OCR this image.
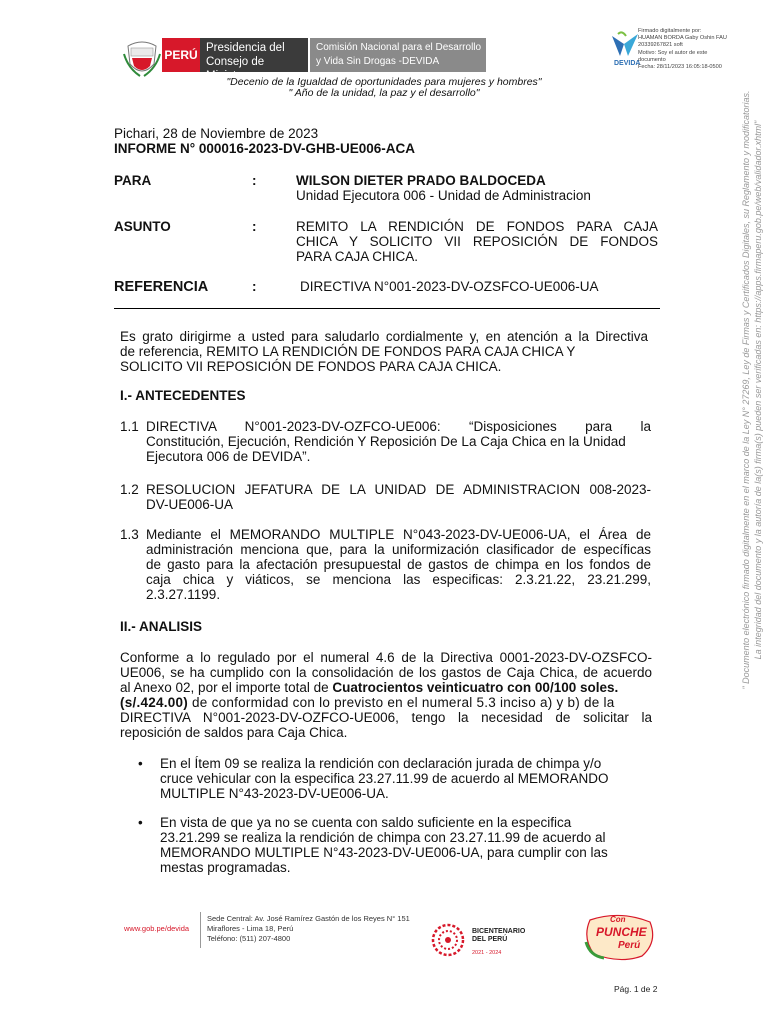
PERÚ Presidencia del
Consejo de Ministros
Comisión Nacional para el Desarrollo
y Vida Sin Drogas -DEVIDA	DEVIDA
Firmado digitalmente por:
HUAMAN BORDA Gaby Oshin FAU
20339267821 soft
Motivo: Soy el autor de este
documento
Fecha: 28/11/2023 16:05:18-0500
"Decenio de la Igualdad de oportunidades para mujeres y hombres"
" Año de la unidad, la paz y el desarrollo"
Pichari, 28 de Noviembre de 2023
INFORME N° 000016-2023-DV-GHB-UE006-ACA
PARA	:	WILSON DIETER PRADO BALDOCEDA
Unidad Ejecutora 006 - Unidad de Administracion
ASUNTO	:	REMITO LA RENDICIÓN DE FONDOS PARA CAJA
CHICA Y SOLICITO VII REPOSICIÓN DE FONDOS
PARA CAJA CHICA.
REFERENCIA	:	DIRECTIVA N°001-2023-DV-OZSFCO-UE006-UA
Es grato dirigirme a usted para saludarlo cordialmente y, en atención a la Directiva
de referencia, REMITO LA RENDICIÓN DE FONDOS PARA CAJA CHICA Y
SOLICITO VII REPOSICIÓN DE FONDOS PARA CAJA CHICA.
I.- ANTECEDENTES
1.1 DIRECTIVA N°001-2023-DV-OZFCO-UE006: “Disposiciones para la
Constitución, Ejecución, Rendición Y Reposición De La Caja Chica en la Unidad
Ejecutora 006 de DEVIDA”.
1.2 RESOLUCION JEFATURA DE LA UNIDAD DE ADMINISTRACION 008-2023-
DV-UE006-UA
1.3 Mediante el MEMORANDO MULTIPLE N°043-2023-DV-UE006-UA, el Área de
administración menciona que, para la uniformización clasificador de específicas
de gasto para la afectación presupuestal de gastos de chimpa en los fondos de
caja chica y viáticos, se menciona las especificas: 2.3.21.22, 23.21.299,
2.3.27.1199.
II.- ANALISIS
Conforme a lo regulado por el numeral 4.6 de la Directiva 0001-2023-DV-OZSFCO-
UE006, se ha cumplido con la consolidación de los gastos de Caja Chica, de acuerdo
al Anexo 02, por el importe total de Cuatrocientos veinticuatro con 00/100 soles.
(s/.424.00) de conformidad con lo previsto en el numeral 5.3 inciso a) y b) de la
DIRECTIVA N°001-2023-DV-OZFCO-UE006, tengo la necesidad de solicitar la
reposición de saldos para Caja Chica.
• En el Ítem 09 se realiza la rendición con declaración jurada de chimpa y/o
cruce vehicular con la especifica 23.27.11.99 de acuerdo al MEMORANDO
MULTIPLE N°43-2023-DV-UE006-UA.
• En vista de que ya no se cuenta con saldo suficiente en la especifica
23.21.299 se realiza la rendición de chimpa con 23.27.11.99 de acuerdo al
MEMORANDO MULTIPLE N°43-2023-DV-UE006-UA, para cumplir con las
mestas programadas.
" Documento electrónico firmado digitalmente en el marco de la Ley N° 27269, Ley de Firmas y Certificados Digitales, su Reglamento y modificatorias. La integridad del documento y la autoría de la(s) firma(s) pueden ser verificadas en: https://apps.firmaperu.gob.pe/web/validador.xhtml"
www.gob.pe/devida
Sede Central: Av. José Ramírez Gastón de los Reyes N° 151
Miraflores - Lima 18, Perú
Teléfono: (511) 207-4800
BICENTENARIO
DEL PERÚ
2021 - 2024
Con
PUNCHE
Perú
Pág. 1 de 2
